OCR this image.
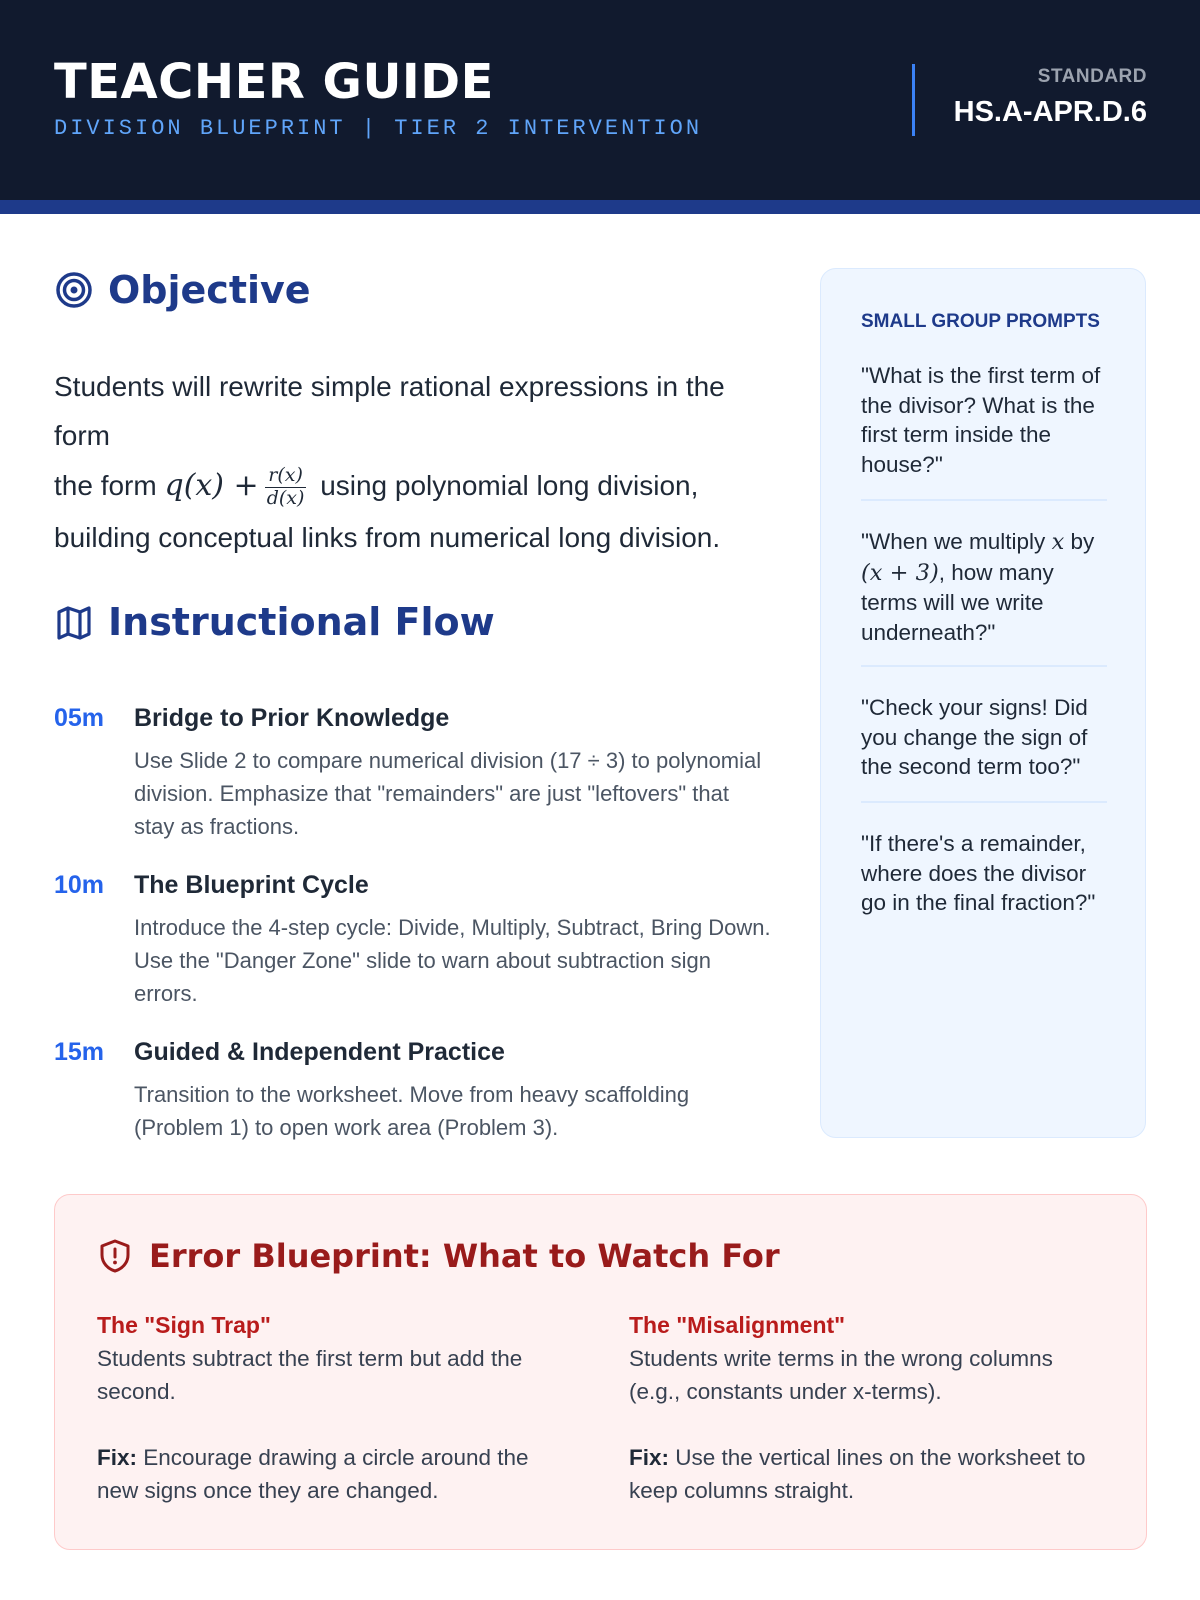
TEACHER GUIDE
DIVISION BLUEPRINT | TIER 2 INTERVENTION
STANDARD
HS.A-APR.D.6
Objective
Students will rewrite simple rational expressions in the form
the form $q(x) + \frac{r(x)}{d(x)}$ using polynomial long division, building conceptual links from numerical long division.
Instructional Flow
05m Bridge to Prior Knowledge
Use Slide 2 to compare numerical division (17 ÷ 3) to polynomial division. Emphasize that "remainders" are just "leftovers" that stay as fractions.
10m The Blueprint Cycle
Introduce the 4-step cycle: Divide, Multiply, Subtract, Bring Down. Use the "Danger Zone" slide to warn about subtraction sign errors.
15m Guided & Independent Practice
Transition to the worksheet. Move from heavy scaffolding (Problem 1) to open work area (Problem 3).
SMALL GROUP PROMPTS
"What is the first term of the divisor? What is the first term inside the house?"
"When we multiply x by
(x + 3), how many terms will we write underneath?"
"Check your signs! Did you change the sign of the second term too?"
"If there's a remainder, where does the divisor go in the final fraction?"
Error Blueprint: What to Watch For
The "Sign Trap"
Students subtract the first term but add the second.
Fix: Encourage drawing a circle around the new signs once they are changed.
The "Misalignment"
Students write terms in the wrong columns (e.g., constants under x-terms).
Fix: Use the vertical lines on the worksheet to keep columns straight.
